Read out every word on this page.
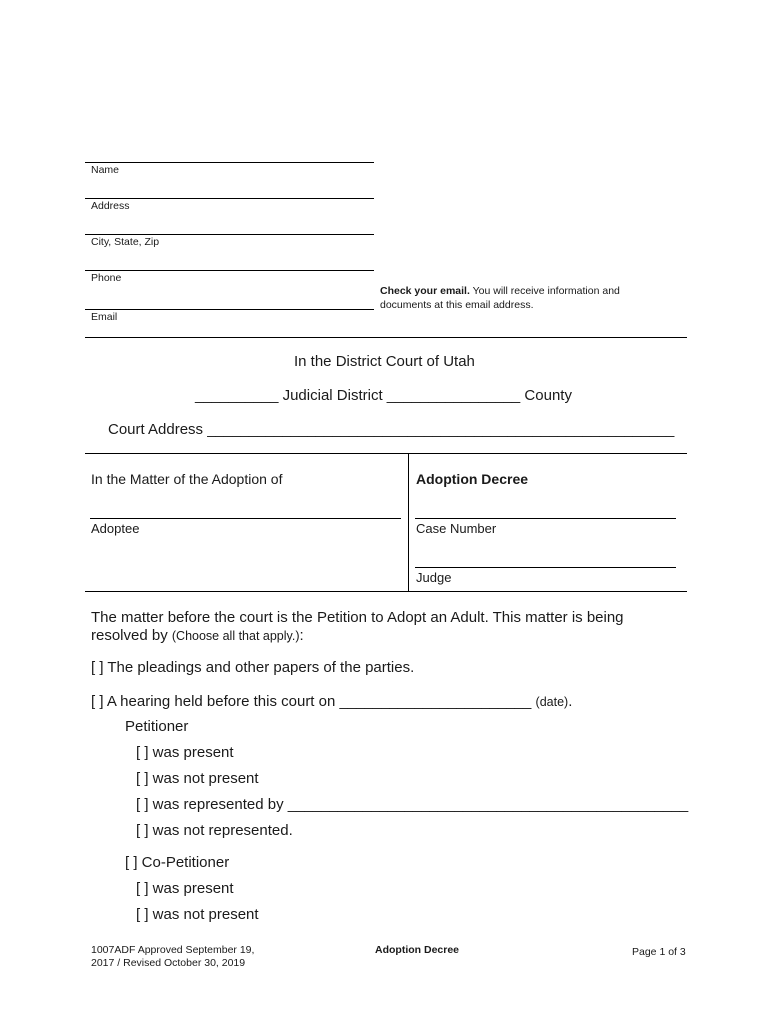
Name
Address
City, State, Zip
Phone
Email
Check your email. You will receive information and
documents at this email address.
In the District Court of Utah
__________ Judicial District ________________ County
Court Address ________________________________________________________
In the Matter of the Adoption of
Adoptee
Adoption Decree
Case Number
Judge
The matter before the court is the Petition to Adopt an Adult. This matter is being
resolved by (Choose all that apply.):
[ ] The pleadings and other papers of the parties.
[ ] A hearing held before this court on _______________________ (date).
Petitioner
[ ] was present
[ ] was not present
[ ] was represented by ________________________________________________
[ ] was not represented.
[ ] Co-Petitioner
[ ] was present
[ ] was not present
1007ADF Approved September 19,
2017 / Revised October 30, 2019
Adoption Decree	Page 1 of 3
